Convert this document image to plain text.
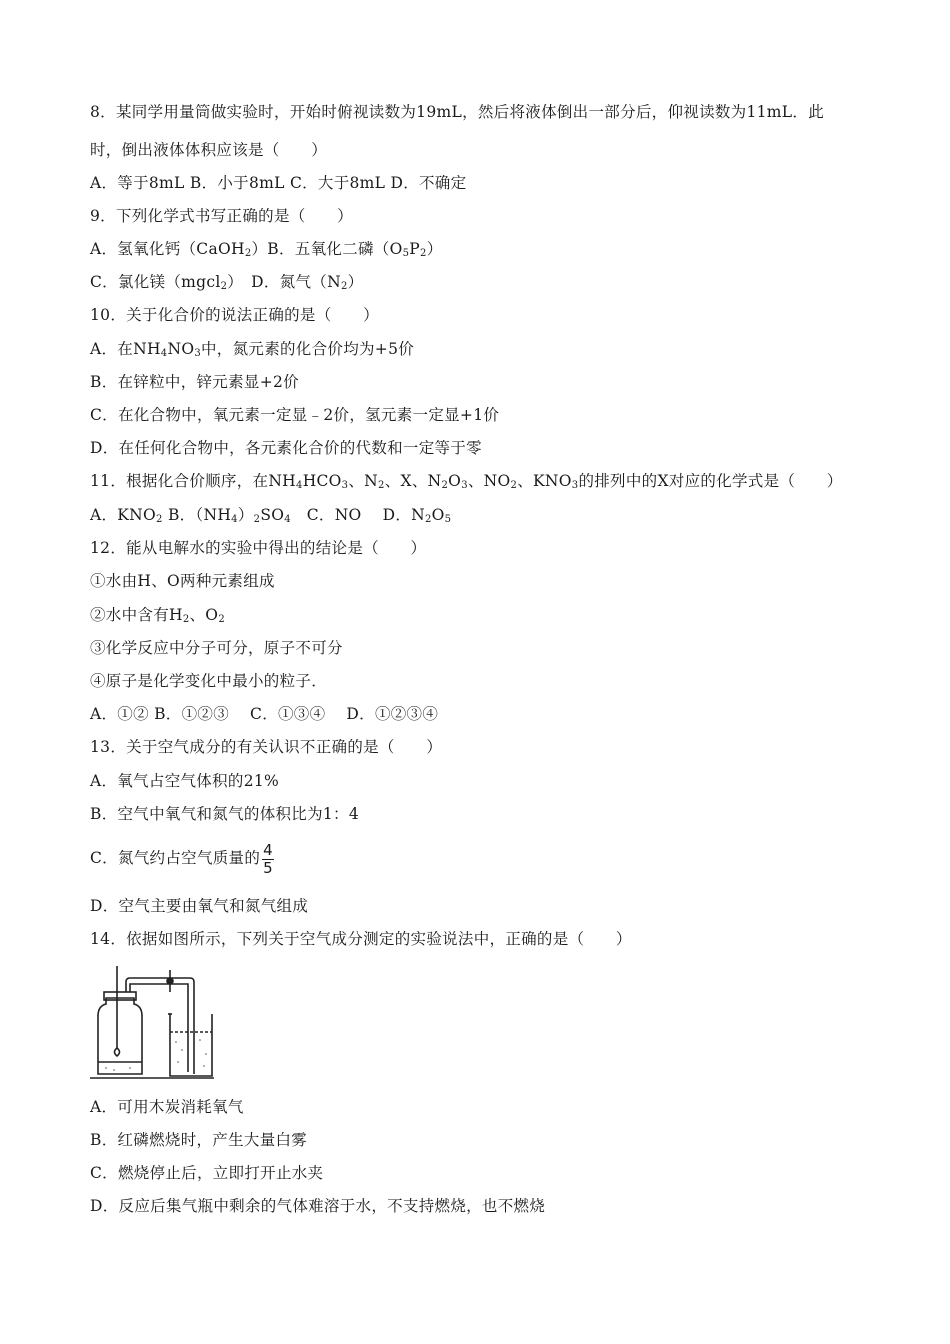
8．某同学用量筒做实验时，开始时俯视读数为19mL，然后将液体倒出一部分后，仰视读数为11mL．此
时，倒出液体体积应该是（　　）
A．等于8mL B．小于8mL C．大于8mL D．不确定
9．下列化学式书写正确的是（　　）
A．氢氧化钙（CaOH$_2$）B．五氧化二磷$(O_5P_2)$
C．氯化镁（mgcl$_2$）　D．氮气$(N_2)$
10．关于化合价的说法正确的是（　　）
A．在$NH_4NO_3$中，氮元素的化合价均为+5价
B．在锌粒中，锌元素显+2价
C．在化合物中，氧元素一定显﹣2价，氢元素一定显+1价
D．在任何化合物中，各元素化合价的代数和一定等于零
11．根据化合价顺序，在$NH_4HCO_3$、$N_2$、X、$N_2O_3$、$NO_2$、$KNO_3$的排列中的X对应的化学式是（　　）
A．$KNO_2$ B．$(NH_4)_2SO_4$　C．NO　 D．$N_2O_5$
12．能从电解水的实验中得出的结论是（　　）
①水由H、O两种元素组成
②水中含有$H_2$、$O_2$
③化学反应中分子可分，原子不可分
④原子是化学变化中最小的粒子．
A．①② B．①②③　 C．①③④　 D．①②③④
13．关于空气成分的有关认识不正确的是（　　）
A．氧气占空气体积的21%
B．空气中氧气和氮气的体积比为1：4
C．氮气约占空气质量的 $\frac{4}{5}$
D．空气主要由氧气和氮气组成
14．依据如图所示，下列关于空气成分测定的实验说法中，正确的是（　　）
A．可用木炭消耗氧气
B．红磷燃烧时，产生大量白雾
C．燃烧停止后，立即打开止水夹
D．反应后集气瓶中剩余的气体难溶于水，不支持燃烧，也不燃烧
